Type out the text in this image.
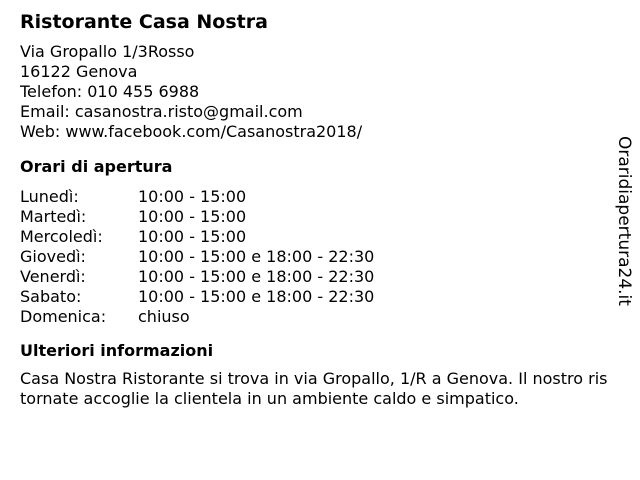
Ristorante Casa Nostra
Via Gropallo 1/3Rosso
16122 Genova
Telefon: 010 455 6988
Email: casanostra.risto@gmail.com
Web: www.facebook.com/Casanostra2018/
Orari di apertura
Lunedì:	10:00 - 15:00
Martedì:	10:00 - 15:00
Mercoledì:	10:00 - 15:00
Giovedì:	10:00 - 15:00 e 18:00 - 22:30
Venerdì:	10:00 - 15:00 e 18:00 - 22:30
Sabato:	10:00 - 15:00 e 18:00 - 22:30
Domenica:	chiuso
Ulteriori informazioni
Casa Nostra Ristorante si trova in via Gropallo, 1/R a Genova. Il nostro ristornate accoglie la clientela in un ambiente caldo e simpatico.
Oraridiapertura24.it
